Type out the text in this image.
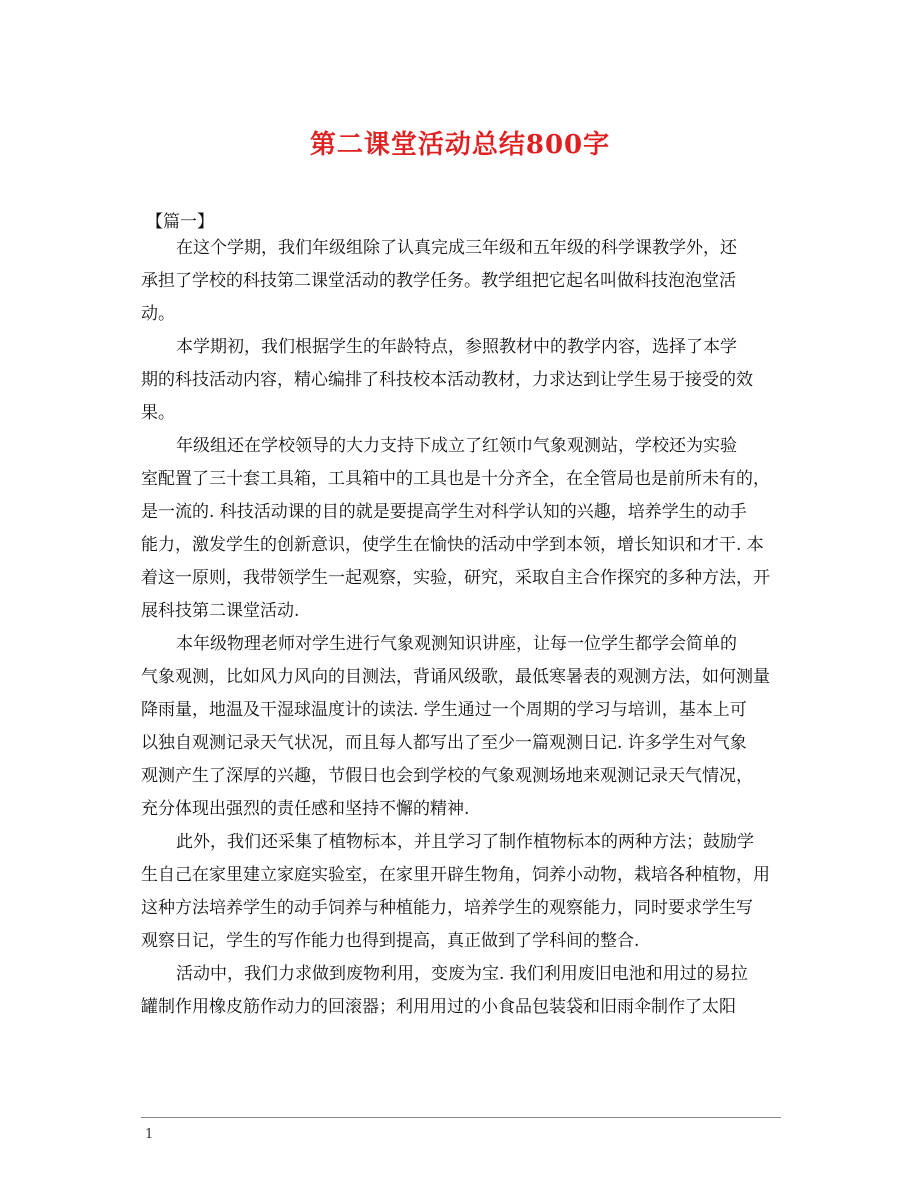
第二课堂活动总结800字
【篇一】
在这个学期，我们年级组除了认真完成三年级和五年级的科学课教学外，还
承担了学校的科技第二课堂活动的教学任务。教学组把它起名叫做科技泡泡堂活
动。
本学期初，我们根据学生的年龄特点，参照教材中的教学内容，选择了本学
期的科技活动内容，精心编排了科技校本活动教材，力求达到让学生易于接受的效
果。
年级组还在学校领导的大力支持下成立了红领巾气象观测站，学校还为实验
室配置了三十套工具箱，工具箱中的工具也是十分齐全，在全管局也是前所未有的，
是一流的. 科技活动课的目的就是要提高学生对科学认知的兴趣，培养学生的动手
能力，激发学生的创新意识，使学生在愉快的活动中学到本领，增长知识和才干. 本
着这一原则，我带领学生一起观察，实验，研究，采取自主合作探究的多种方法，开
展科技第二课堂活动.
本年级物理老师对学生进行气象观测知识讲座，让每一位学生都学会简单的
气象观测，比如风力风向的目测法，背诵风级歌，最低寒暑表的观测方法，如何测量
降雨量，地温及干湿球温度计的读法. 学生通过一个周期的学习与培训，基本上可
以独自观测记录天气状况，而且每人都写出了至少一篇观测日记. 许多学生对气象
观测产生了深厚的兴趣，节假日也会到学校的气象观测场地来观测记录天气情况，
充分体现出强烈的责任感和坚持不懈的精神.
此外，我们还采集了植物标本，并且学习了制作植物标本的两种方法；鼓励学
生自己在家里建立家庭实验室，在家里开辟生物角，饲养小动物，栽培各种植物，用
这种方法培养学生的动手饲养与种植能力，培养学生的观察能力，同时要求学生写
观察日记，学生的写作能力也得到提高，真正做到了学科间的整合.
活动中，我们力求做到废物利用，变废为宝. 我们利用废旧电池和用过的易拉
罐制作用橡皮筋作动力的回滚器；利用用过的小食品包装袋和旧雨伞制作了太阳
1
